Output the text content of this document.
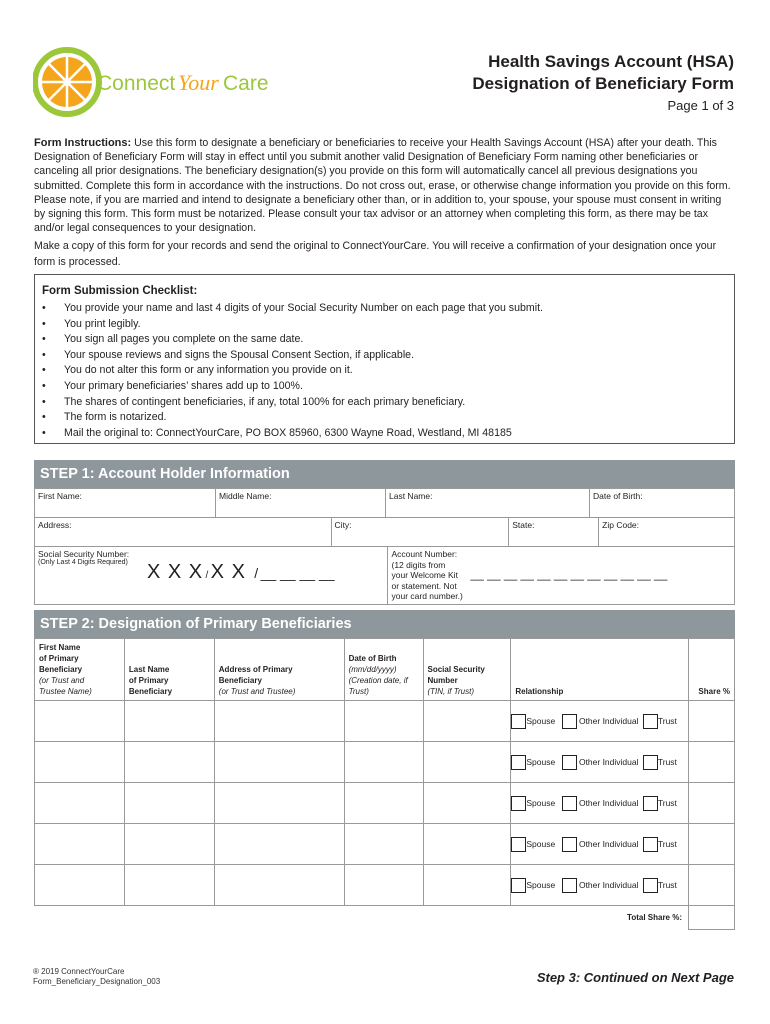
Connect Your Care
Health Savings Account (HSA)
Designation of Beneficiary Form
Page 1 of 3
Form Instructions: Use this form to designate a beneficiary or beneficiaries to receive your Health Savings Account (HSA) after your death. This Designation of Beneficiary Form will stay in effect until you submit another valid Designation of Beneficiary Form naming other beneficiaries or canceling all prior designations. The beneficiary designation(s) you provide on this form will automatically cancel all previous designations you submitted. Complete this form in accordance with the instructions. Do not cross out, erase, or otherwise change information you provide on this form. Please note, if you are married and intend to designate a beneficiary other than, or in addition to, your spouse, your spouse must consent in writing by signing this form. This form must be notarized. Please consult your tax advisor or an attorney when completing this form, as there may be tax and/or legal consequences to your designation.
Make a copy of this form for your records and send the original to ConnectYourCare. You will receive a confirmation of your designation once your form is processed.
Form Submission Checklist:
• You provide your name and last 4 digits of your Social Security Number on each page that you submit.
• You print legibly.
• You sign all pages you complete on the same date.
• Your spouse reviews and signs the Spousal Consent Section, if applicable.
• You do not alter this form or any information you provide on it.
• Your primary beneficiaries’ shares add up to 100%.
• The shares of contingent beneficiaries, if any, total 100% for each primary beneficiary.
• The form is notarized.
• Mail the original to: ConnectYourCare, PO BOX 85960, 6300 Wayne Road, Westland, MI 48185
STEP 1: Account Holder Information
First Name:	Middle Name:	Last Name:	Date of Birth:
Address:	City:	State:	Zip Code:
Social Security Number:
(Only Last 4 Digits Required) X X X / X X / __ __ __ __

Account Number:
(12 digits from
your Welcome Kit
or statement. Not
your card number.)
__ __ __ __ __ __ __ __ __ __ __ __
STEP 2: Designation of Primary Beneficiaries
First Name
of Primary
Beneficiary
(or Trust and
Trustee Name)	Last Name
of Primary
Beneficiary	Address of Primary
Beneficiary
(or Trust and Trustee)	Date of Birth
(mm/dd/yyyy)
(Creation date, if
Trust)	Social Security
Number
(TIN, if Trust)	Relationship	Share %
					Spouse Other Individual Trust	
					Spouse Other Individual Trust	
					Spouse Other Individual Trust	
					Spouse Other Individual Trust	
					Spouse Other Individual Trust	
Total Share %:						
® 2019 ConnectYourCare
Form_Beneficiary_Designation_003	Step 3: Continued on Next Page
